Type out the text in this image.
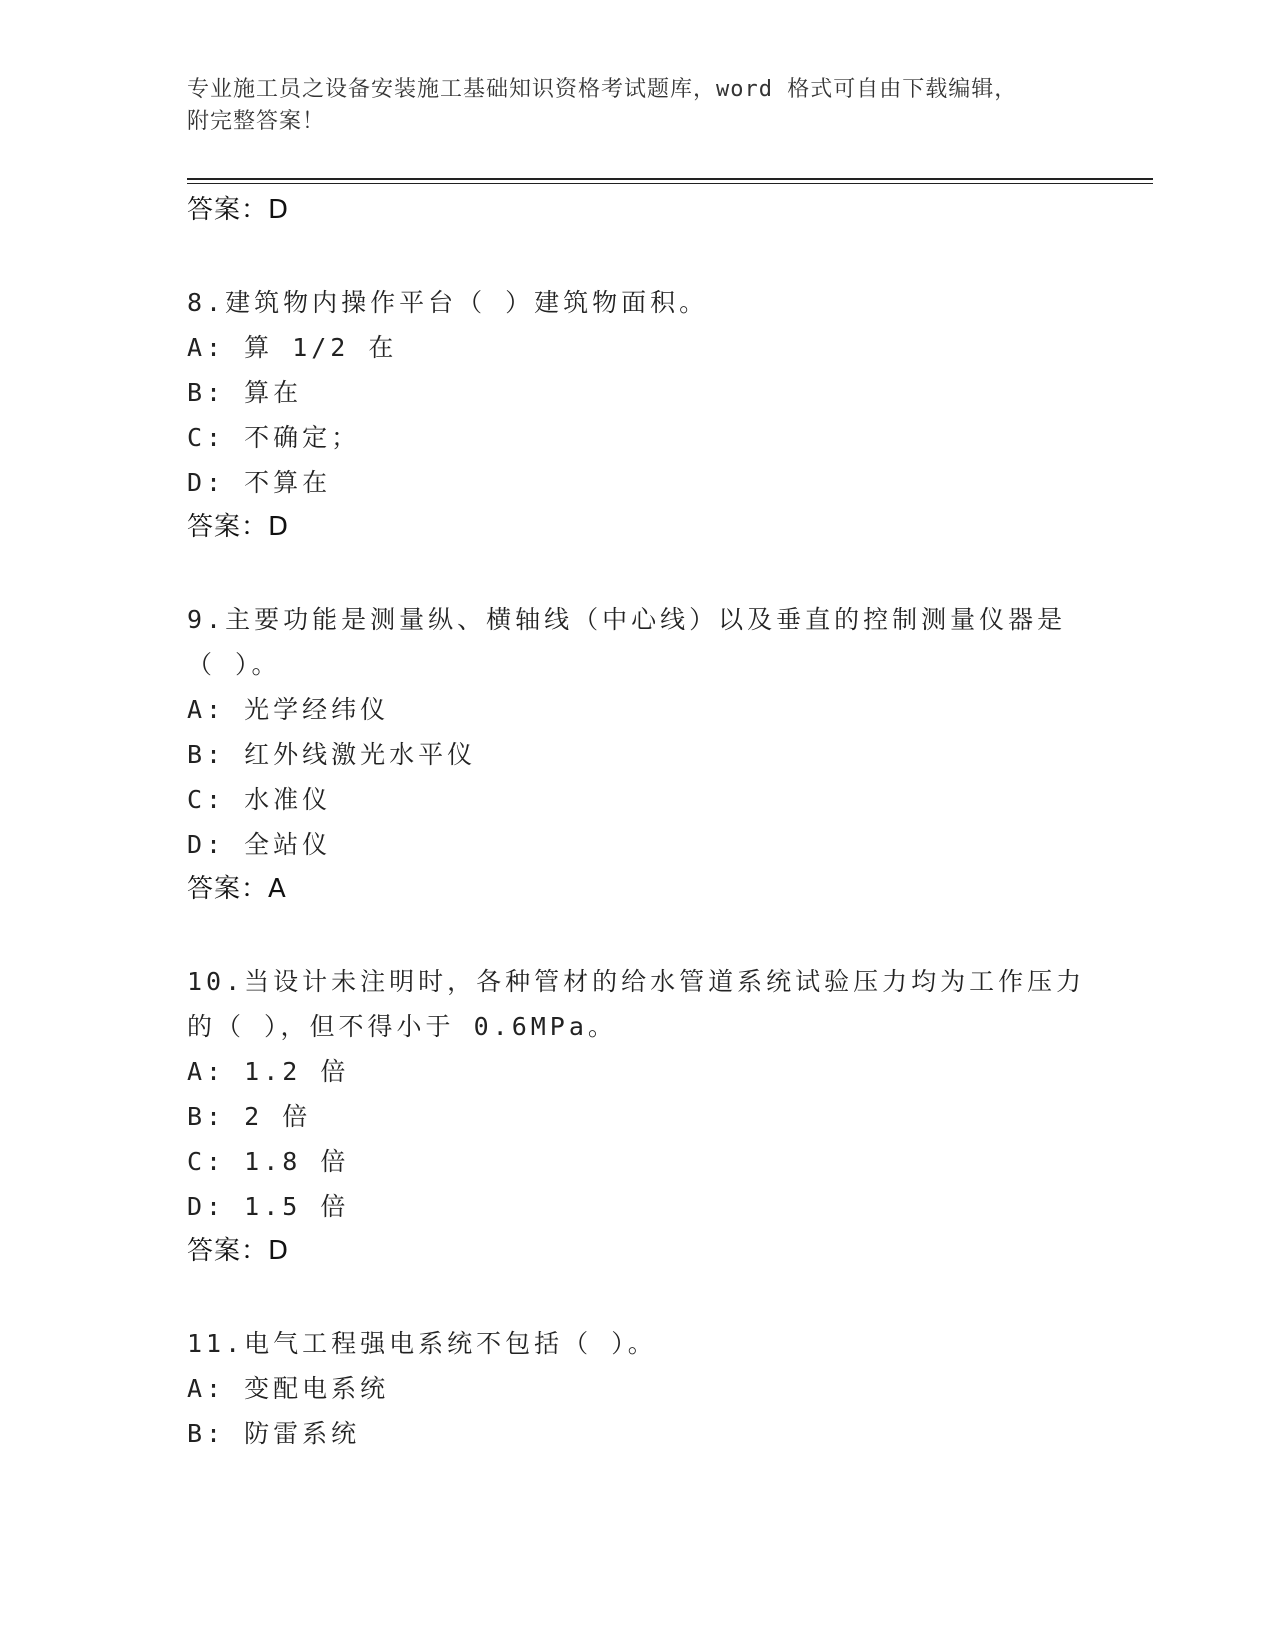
专业施工员之设备安装施工基础知识资格考试题库，word 格式可自由下载编辑，
附完整答案！
答案：D
8.建筑物内操作平台（ ）建筑物面积。
A: 算 1/2 在
B: 算在
C: 不确定；
D: 不算在
答案：D
9.主要功能是测量纵、横轴线（中心线）以及垂直的控制测量仪器是（ ）。
A: 光学经纬仪
B: 红外线激光水平仪
C: 水准仪
D: 全站仪
答案：A
10.当设计未注明时，各种管材的给水管道系统试验压力均为工作压力的（ ），但不得小于 0.6MPa。
A: 1.2 倍
B: 2 倍
C: 1.8 倍
D: 1.5 倍
答案：D
11.电气工程强电系统不包括（ ）。
A: 变配电系统
B: 防雷系统
